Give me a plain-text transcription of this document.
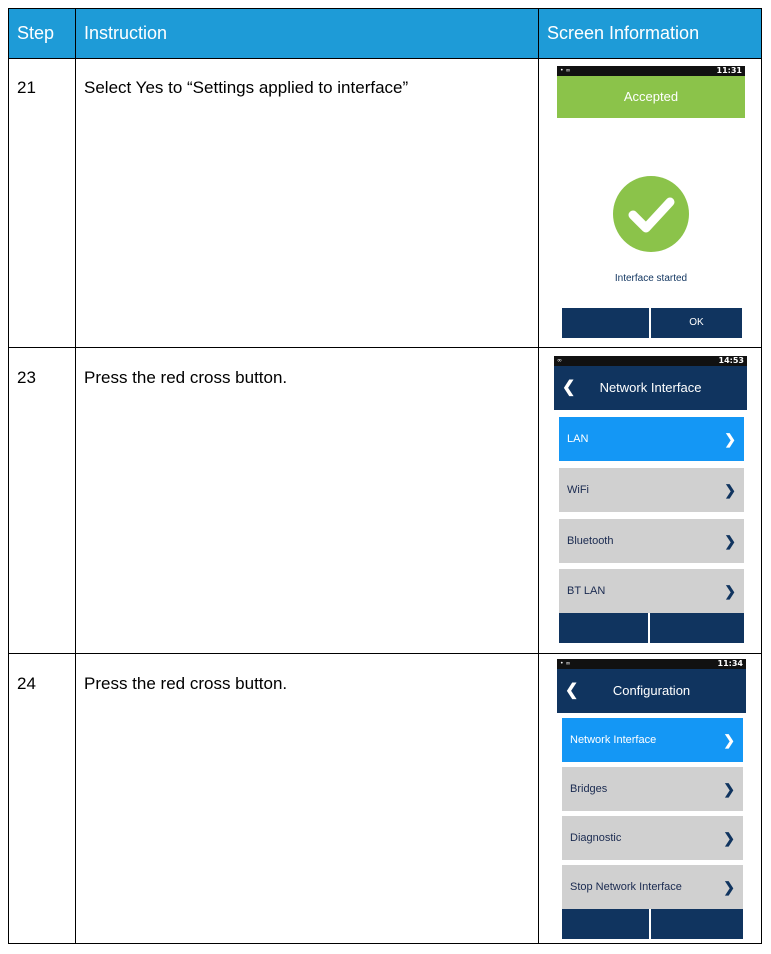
Step	Instruction	Screen Information
21	Select Yes to “Settings applied to interface”
• ∞	11:31
Accepted
Interface started
OK
23	Press the red cross button.
∞	14:53
❮ Network Interface
LAN	❯
WiFi	❯
Bluetooth	❯
BT LAN	❯
24	Press the red cross button.
• ∞	11:34
❮	Configuration
Network Interface	❯
Bridges	❯
Diagnostic	❯
Stop Network Interface	❯
